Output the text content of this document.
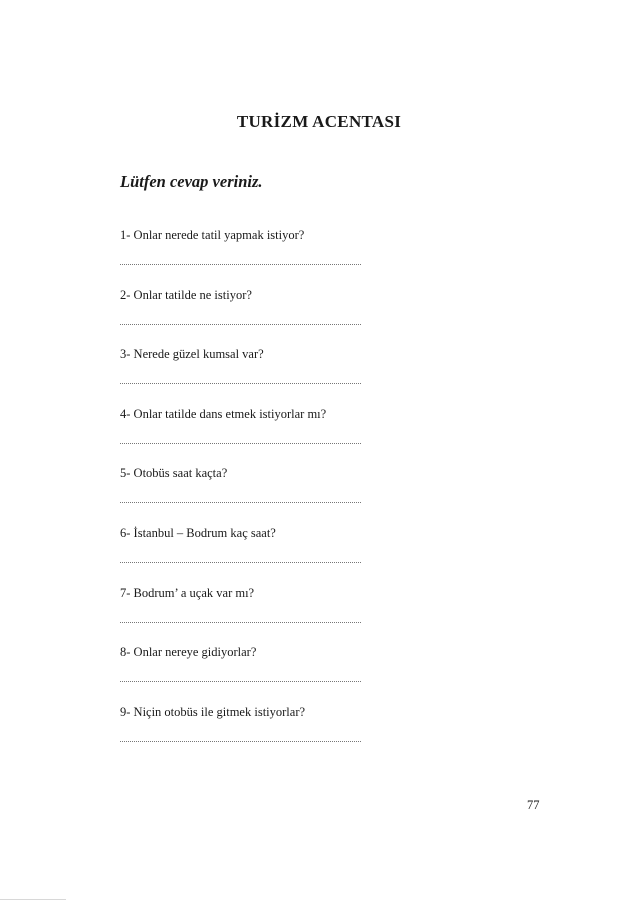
TURİZM ACENTASI
Lütfen cevap veriniz.
1- Onlar nerede tatil yapmak istiyor?
2- Onlar tatilde ne istiyor?
3- Nerede güzel kumsal var?
4- Onlar tatilde dans etmek istiyorlar mı?
5- Otobüs saat kaçta?
6- İstanbul – Bodrum kaç saat?
7- Bodrum’ a uçak var mı?
8- Onlar nereye gidiyorlar?
9- Niçin otobüs ile gitmek istiyorlar?
77
